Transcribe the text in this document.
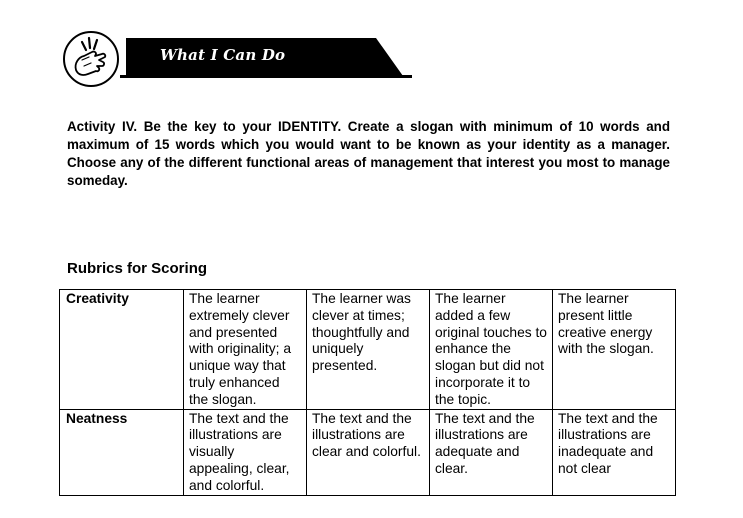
What I Can Do
Activity IV. Be the key to your IDENTITY. Create a slogan with minimum of 10 words and maximum of 15 words which you would want to be known as your identity as a manager. Choose any of the different functional areas of management that interest you most to manage someday.
Rubrics for Scoring
Creativity	The learner extremely clever and presented with originality; a unique way that truly enhanced the slogan.	The learner was clever at times; thoughtfully and uniquely presented.	The learner added a few original touches to enhance the slogan but did not incorporate it to the topic.	The learner present little creative energy with the slogan.
Neatness	The text and the illustrations are visually appealing, clear, and colorful.	The text and the illustrations are clear and colorful.	The text and the illustrations are adequate and clear.	The text and the illustrations are inadequate and not clear
